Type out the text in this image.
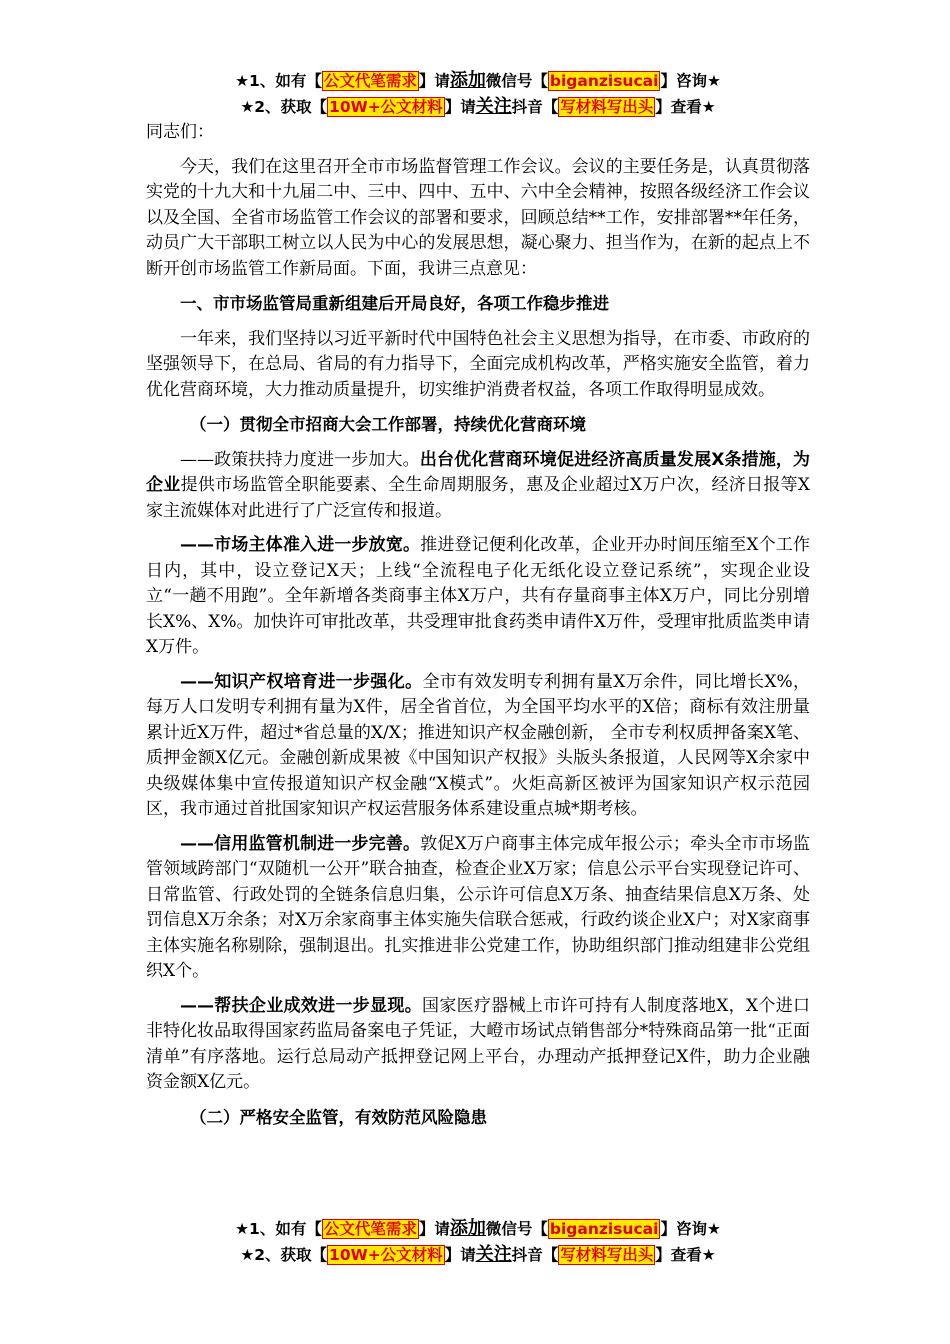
★1、如有【 公文代笔需求 】请添加微信号【 biganzisucai 】咨询★
★2、获取【 10W+公文材料 】请关注抖音【 写材料写出头 】查看★

同志们：

今天，我们在这里召开全市市场监督管理工作会议。会议的主要任务是，认真贯彻落实党的十九大和十九届二中、三中、四中、五中、六中全会精神，按照各级经济工作会议以及全国、全省市场监管工作会议的部署和要求，回顾总结**工作，安排部署**年任务，动员广大干部职工树立以人民为中心的发展思想，凝心聚力、担当作为，在新的起点上不断开创市场监管工作新局面。下面，我讲三点意见：

一、市市场监管局重新组建后开局良好，各项工作稳步推进

一年来，我们坚持以习近平新时代中国特色社会主义思想为指导，在市委、市政府的坚强领导下，在总局、省局的有力指导下，全面完成机构改革，严格实施安全监管，着力优化营商环境，大力推动质量提升，切实维护消费者权益，各项工作取得明显成效。

（一）贯彻全市招商大会工作部署，持续优化营商环境

——政策扶持力度进一步加大。出台优化营商环境促进经济高质量发展X条措施，为企业提供市场监管全职能要素、全生命周期服务，惠及企业超过X万户次，经济日报等X家主流媒体对此进行了广泛宣传和报道。

——市场主体准入进一步放宽。推进登记便利化改革，企业开办时间压缩至X个工作日内，其中，设立登记X天；上线“全流程电子化无纸化设立登记系统”，实现企业设立“一趟不用跑”。全年新增各类商事主体X万户，共有存量商事主体X万户，同比分别增长X%、X%。加快许可审批改革，共受理审批食药类申请件X万件，受理审批质监类申请X万件。

——知识产权培育进一步强化。全市有效发明专利拥有量X万余件，同比增长X%，每万人口发明专利拥有量为X件，居全省首位，为全国平均水平的X倍；商标有效注册量累计近X万件，超过*省总量的X/X；推进知识产权金融创新， 全市专利权质押备案X笔、质押金额X亿元。金融创新成果被《中国知识产权报》头版头条报道，人民网等X余家中央级媒体集中宣传报道知识产权金融“X模式”。火炬高新区被评为国家知识产权示范园区，我市通过首批国家知识产权运营服务体系建设重点城*期考核。

——信用监管机制进一步完善。敦促X万户商事主体完成年报公示；牵头全市市场监管领域跨部门“双随机一公开”联合抽查，检查企业X万家；信息公示平台实现登记许可、日常监管、行政处罚的全链条信息归集，公示许可信息X万条、抽查结果信息X万条、处罚信息X万余条；对X万余家商事主体实施失信联合惩戒，行政约谈企业X户；对X家商事主体实施名称剔除，强制退出。扎实推进非公党建工作，协助组织部门推动组建非公党组织X个。

——帮扶企业成效进一步显现。国家医疗器械上市许可持有人制度落地X，X个进口非特化妆品取得国家药监局备案电子凭证，大嶝市场试点销售部分*特殊商品第一批“正面清单”有序落地。运行总局动产抵押登记网上平台，办理动产抵押登记X件，助力企业融资金额X亿元。

（二）严格安全监管，有效防范风险隐患

★1、如有【 公文代笔需求 】请添加微信号【 biganzisucai 】咨询★
★2、获取【 10W+公文材料 】请关注抖音【 写材料写出头 】查看★
